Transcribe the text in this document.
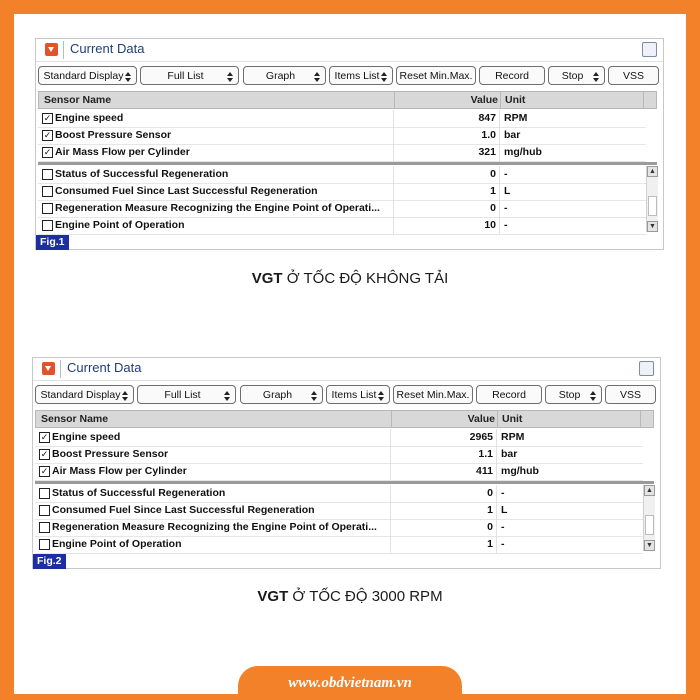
www.obdvietnam.vn
Current Data
Standard Display	Full List	Graph	Items List	Reset Min.Max.	Record	Stop	VSS
Sensor Name	Value Unit
✓ Engine speed	847 RPM
✓ Boost Pressure Sensor	1.0 bar
✓ Air Mass Flow per Cylinder	321 mg/hub
Status of Successful Regeneration	0 -
Consumed Fuel Since Last Successful Regeneration	1 L
Regeneration Measure Recognizing the Engine Point of Operati...	0 -
Engine Point of Operation	10 -
▲
▼
Fig.1
Current Data
Standard Display	Full List	Graph	Items List	Reset Min.Max.	Record	Stop	VSS
Sensor Name	Value Unit
✓ Engine speed	2965 RPM
✓ Boost Pressure Sensor	1.1 bar
✓ Air Mass Flow per Cylinder	411 mg/hub
Status of Successful Regeneration	0 -
Consumed Fuel Since Last Successful Regeneration	1 L
Regeneration Measure Recognizing the Engine Point of Operati...	0 -
Engine Point of Operation	1 -
▲
▼
Fig.2
VGT Ở TỐC ĐỘ KHÔNG TẢI
VGT Ở TỐC ĐỘ 3000 RPM
